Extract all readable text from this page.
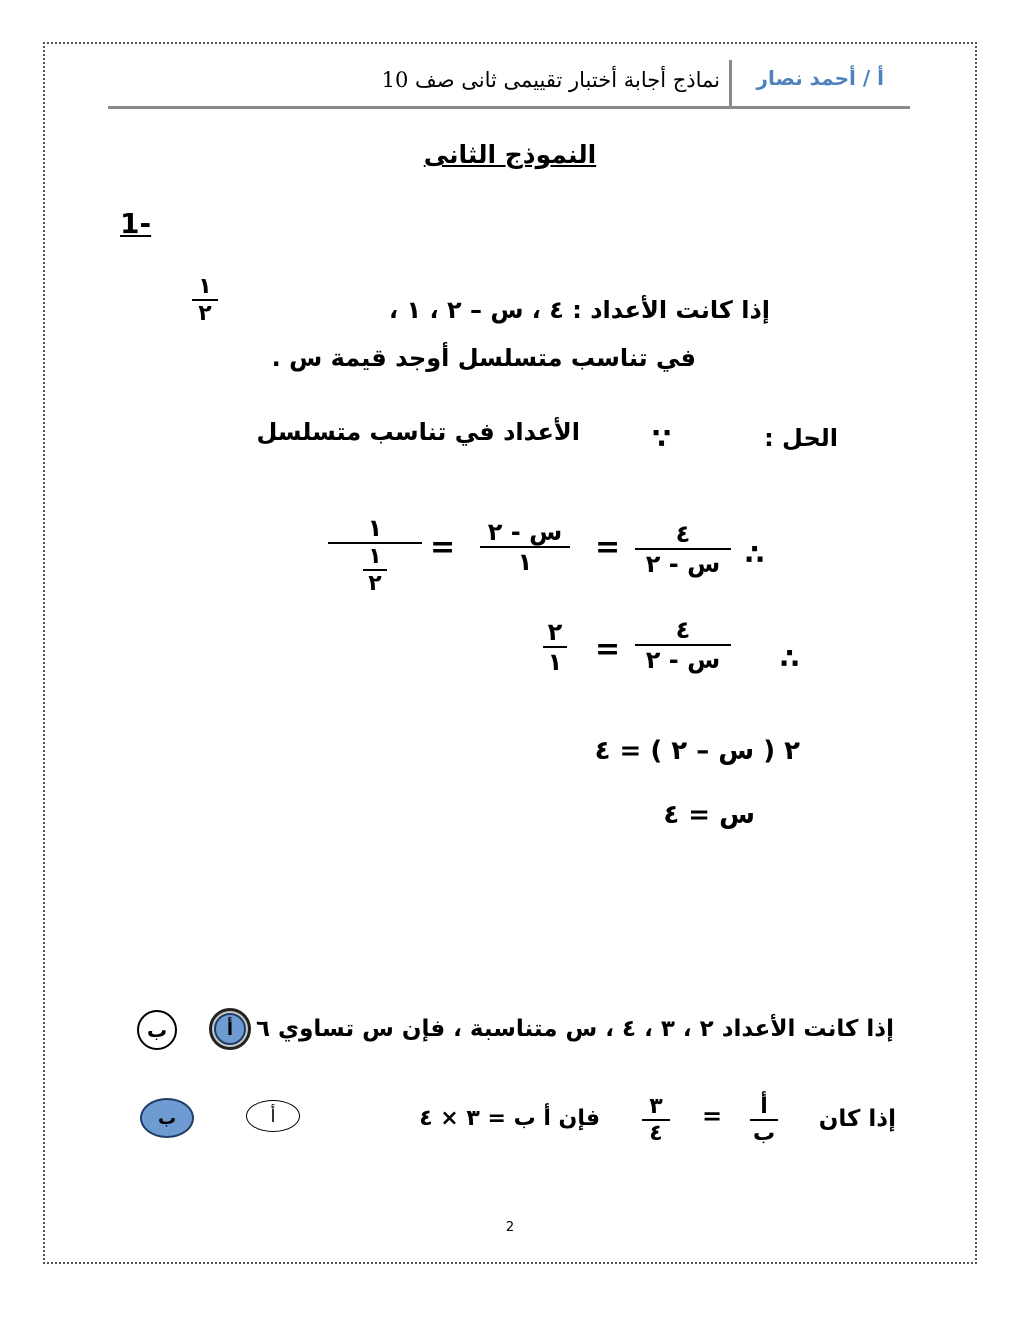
أ / أحمد نصار
نماذج أجابة أختبار تقييمى ثانى صف 10
النموذج الثانى
1-
إذا كانت الأعداد : ٤ ، س – ٢ ، ١ ،
١
٢
في تناسب متسلسل أوجد قيمة س .
الحل :
∵
الأعداد في تناسب متسلسل
∴
٤
س - ٢
=
س - ٢
١
=
١
١
٢
∴
٤
س - ٢
=
٢
١
٢ ( س – ٢ ) = ٤
س = ٤
إذا كانت الأعداد ٢ ، ٣ ، ٤ ، س متناسبة ، فإن س تساوي ٦
أ
ب
إذا كان
أ
ب
=
٣
٤
فإن أ ب = ٣ × ٤
أ
ب
2
